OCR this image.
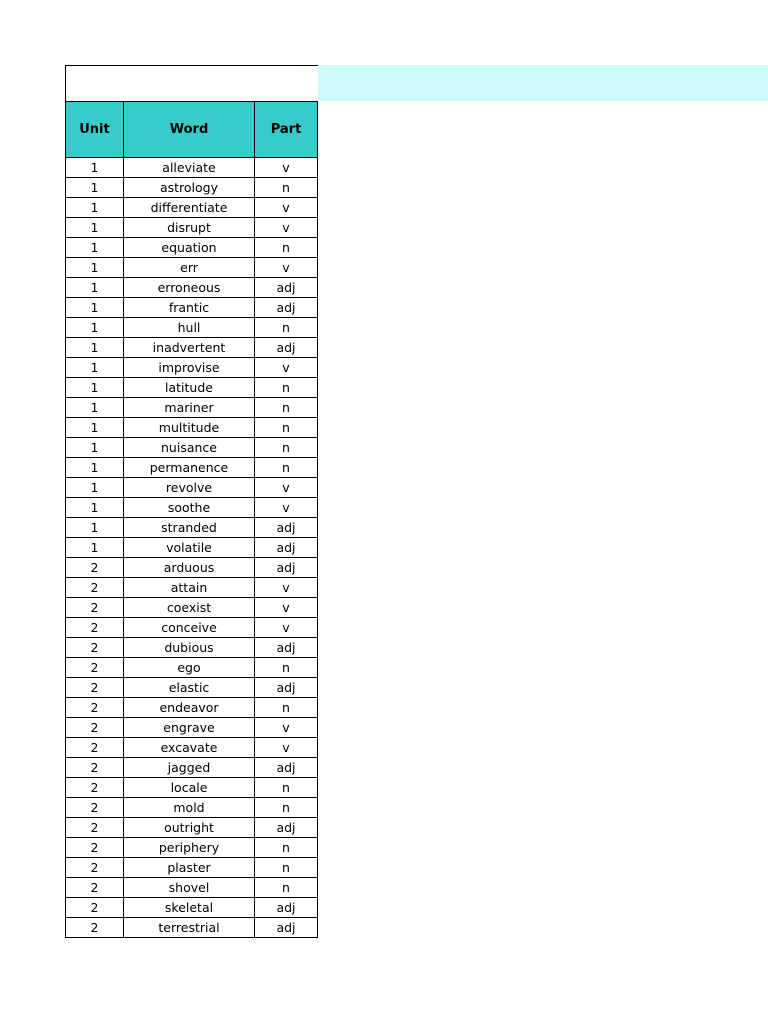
Unit	Word	Part
1	alleviate	v
1	astrology	n
1	differentiate	v
1	disrupt	v
1	equation	n
1	err	v
1	erroneous	adj
1	frantic	adj
1	hull	n
1	inadvertent	adj
1	improvise	v
1	latitude	n
1	mariner	n
1	multitude	n
1	nuisance	n
1	permanence	n
1	revolve	v
1	soothe	v
1	stranded	adj
1	volatile	adj
2	arduous	adj
2	attain	v
2	coexist	v
2	conceive	v
2	dubious	adj
2	ego	n
2	elastic	adj
2	endeavor	n
2	engrave	v
2	excavate	v
2	jagged	adj
2	locale	n
2	mold	n
2	outright	adj
2	periphery	n
2	plaster	n
2	shovel	n
2	skeletal	adj
2	terrestrial	adj
